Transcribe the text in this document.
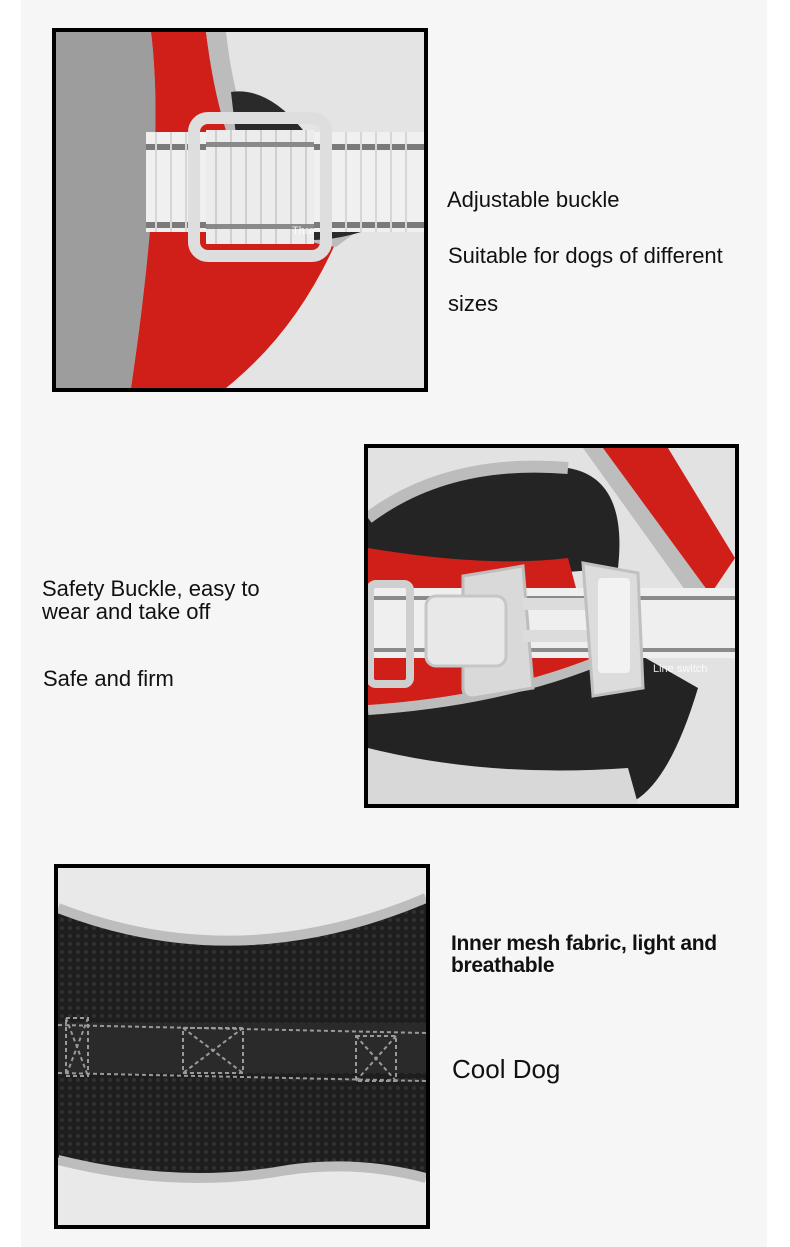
Thre
Adjustable buckle
Suitable for dogs of different
sizes
Safety Buckle, easy to
wear and take off
Safe and firm	Line switch
Inner mesh fabric, light and
breathable
Cool Dog
